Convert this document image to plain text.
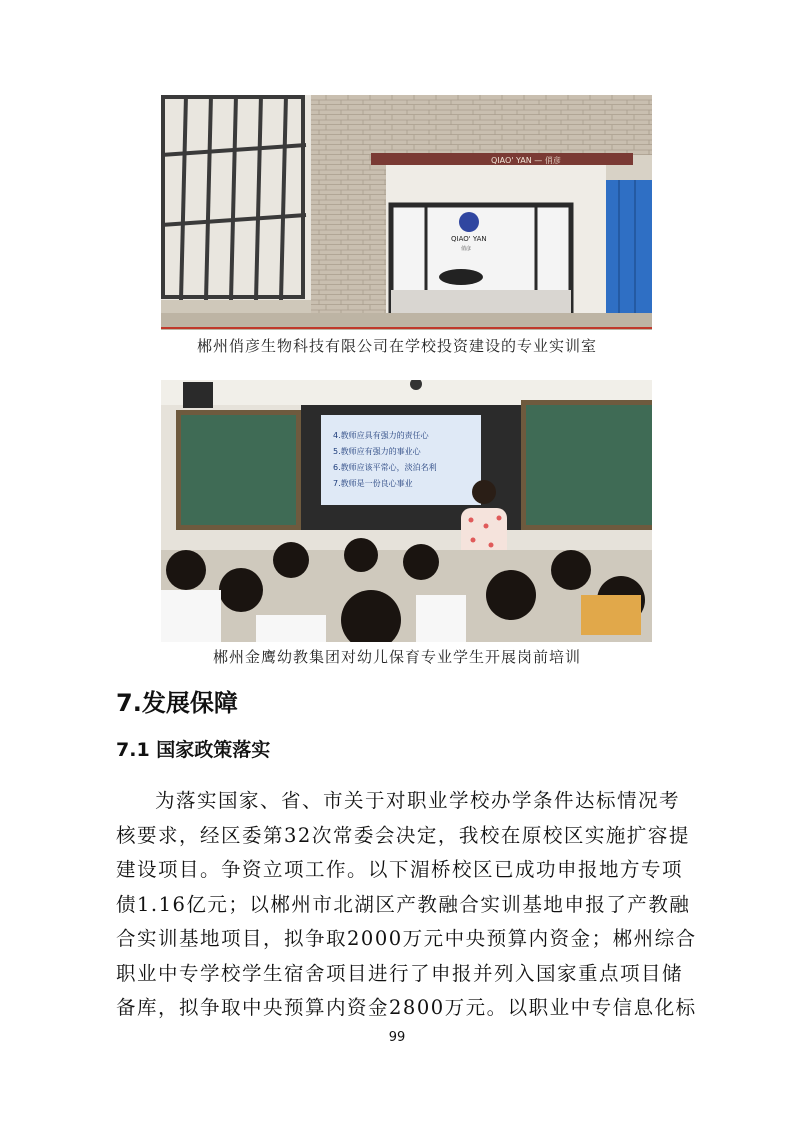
QIAO' YAN — 俏彦
QIAO' YAN
俏彦
郴州俏彦生物科技有限公司在学校投资建设的专业实训室
4.教师应具有强力的责任心
5.教师应有强力的事业心
6.教师应该平常心，淡泊名利
7.教师是一份良心事业
郴州金鹰幼教集团对幼儿保育专业学生开展岗前培训
7.发展保障
7.1 国家政策落实
为落实国家、省、市关于对职业学校办学条件达标情况考
核要求，经区委第32次常委会决定，我校在原校区实施扩容提
建设项目。争资立项工作。以下湄桥校区已成功申报地方专项
债1.16亿元；以郴州市北湖区产教融合实训基地申报了产教融
合实训基地项目，拟争取2000万元中央预算内资金；郴州综合
职业中专学校学生宿舍项目进行了申报并列入国家重点项目储
备库，拟争取中央预算内资金2800万元。以职业中专信息化标
99
